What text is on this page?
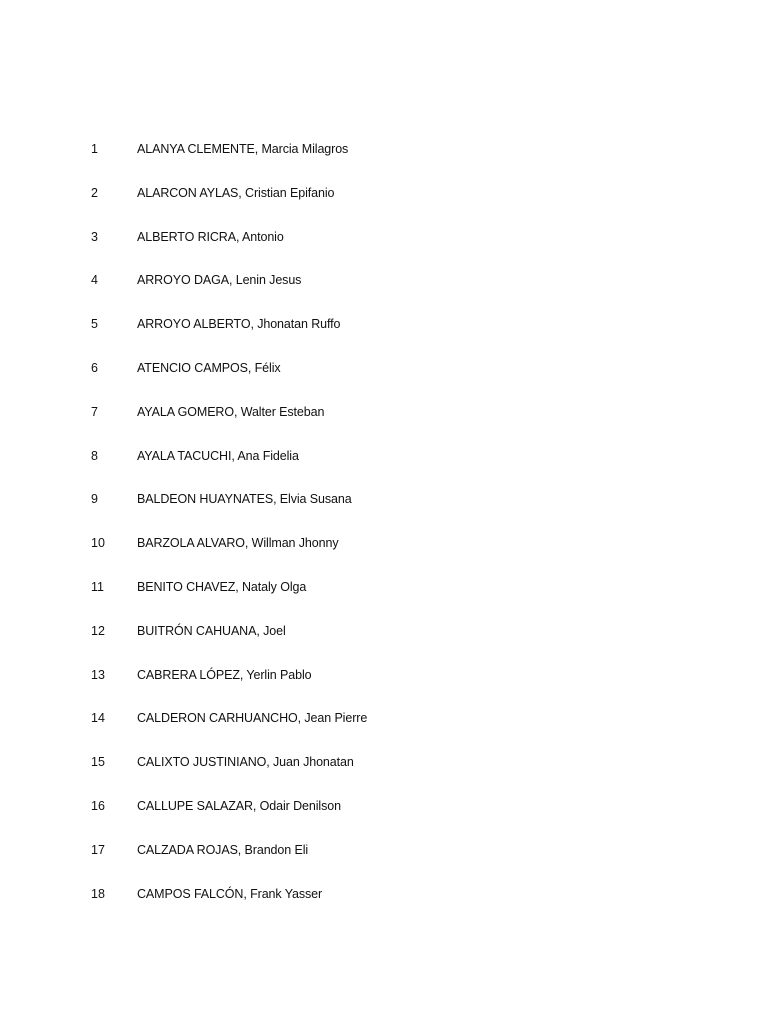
1	ALANYA CLEMENTE, Marcia Milagros
2	ALARCON AYLAS, Cristian Epifanio
3	ALBERTO RICRA, Antonio
4	ARROYO DAGA, Lenin Jesus
5	ARROYO ALBERTO, Jhonatan Ruffo
6	ATENCIO CAMPOS, Félix
7	AYALA GOMERO, Walter Esteban
8	AYALA TACUCHI, Ana Fidelia
9	BALDEON HUAYNATES, Elvia Susana
10	BARZOLA ALVARO, Willman Jhonny
11	BENITO CHAVEZ, Nataly Olga
12	BUITRÓN CAHUANA, Joel
13	CABRERA LÓPEZ, Yerlin Pablo
14	CALDERON CARHUANCHO, Jean Pierre
15	CALIXTO JUSTINIANO, Juan Jhonatan
16	CALLUPE SALAZAR, Odair Denilson
17	CALZADA ROJAS, Brandon Eli
18	CAMPOS FALCÓN, Frank Yasser
